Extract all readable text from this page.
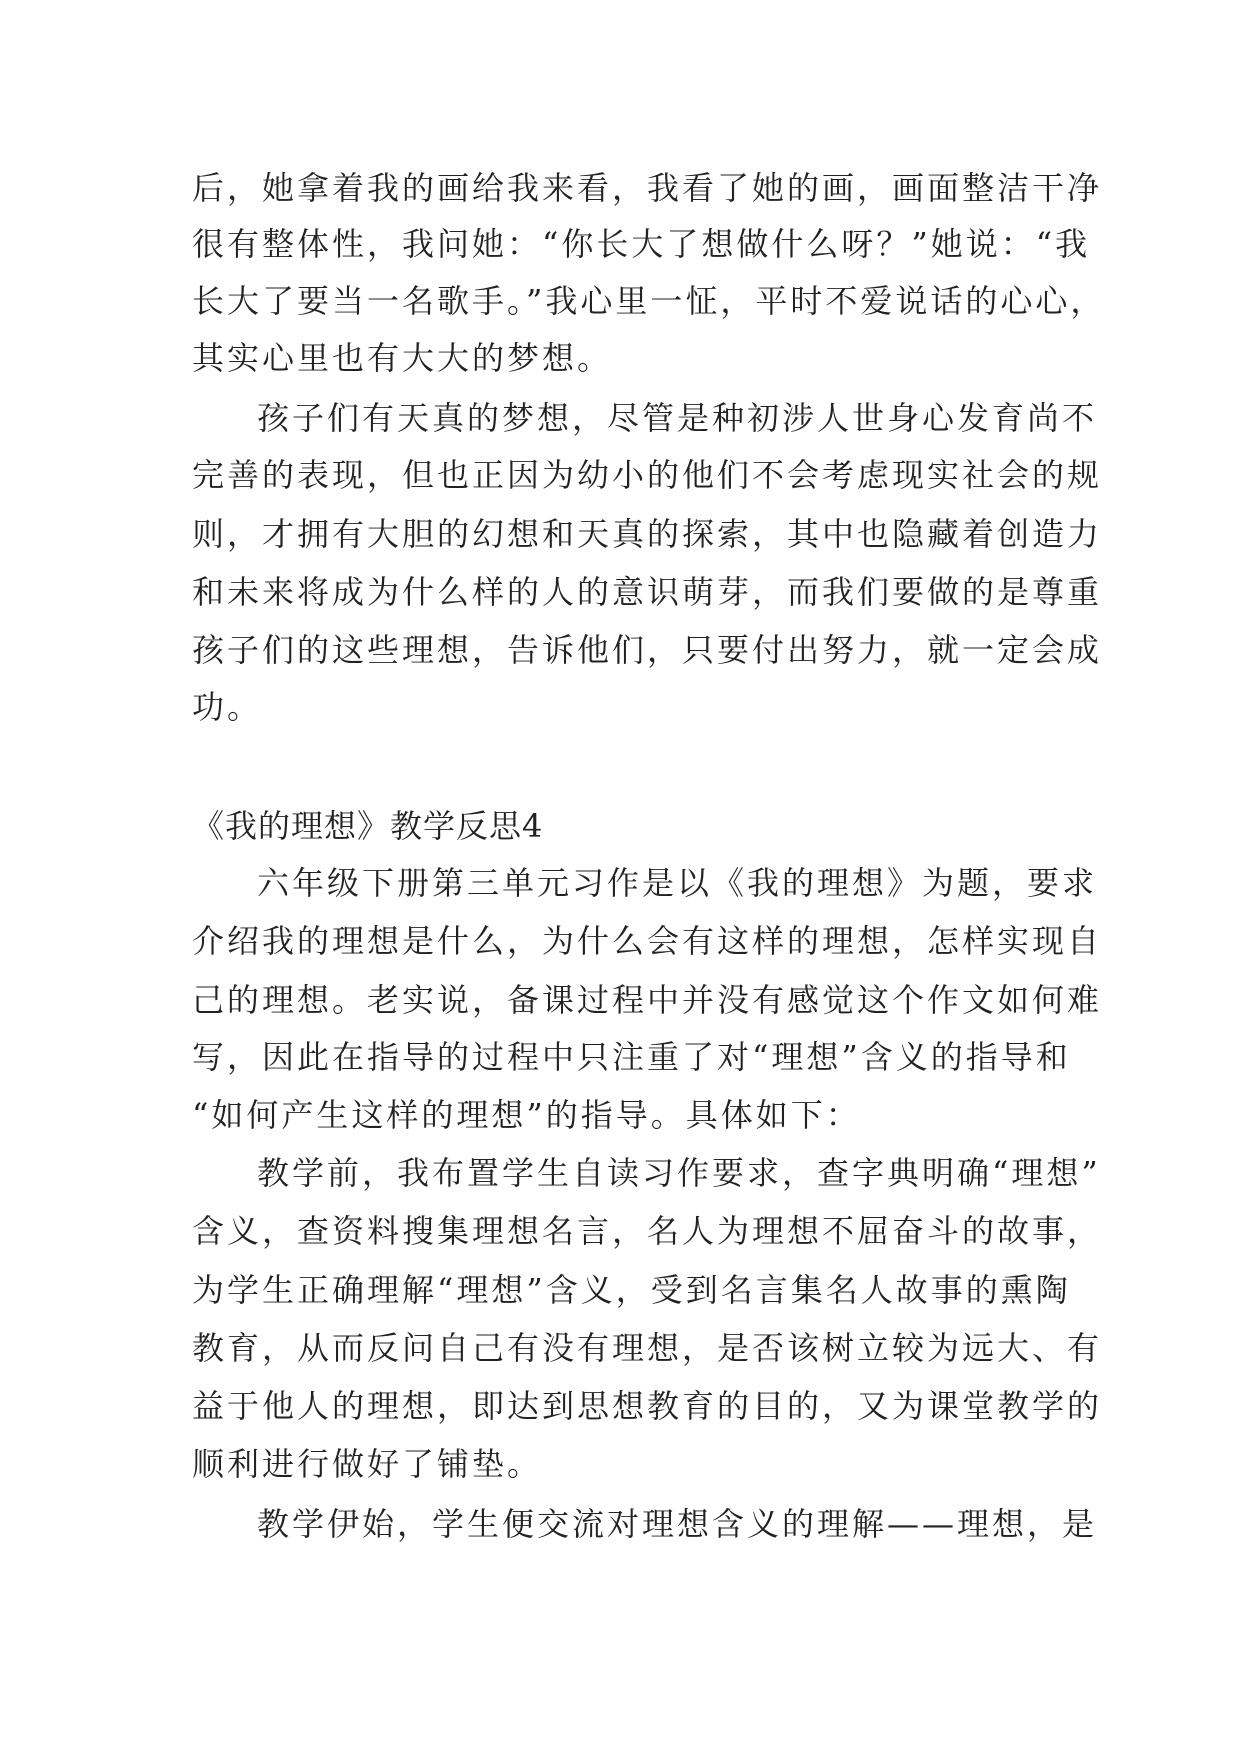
后，她拿着我的画给我来看，我看了她的画，画面整洁干净
很有整体性，我问她：“你长大了想做什么呀？”她说：“我
长大了要当一名歌手。”我心里一怔，平时不爱说话的心心，
其实心里也有大大的梦想。
孩子们有天真的梦想，尽管是种初涉人世身心发育尚不
完善的表现，但也正因为幼小的他们不会考虑现实社会的规
则，才拥有大胆的幻想和天真的探索，其中也隐藏着创造力
和未来将成为什么样的人的意识萌芽，而我们要做的是尊重
孩子们的这些理想，告诉他们，只要付出努力，就一定会成
功。
《我的理想》教学反思4
六年级下册第三单元习作是以《我的理想》为题，要求
介绍我的理想是什么，为什么会有这样的理想，怎样实现自
己的理想。老实说，备课过程中并没有感觉这个作文如何难
写，因此在指导的过程中只注重了对“理想”含义的指导和
“如何产生这样的理想”的指导。具体如下：
教学前，我布置学生自读习作要求，查字典明确“理想”
含义，查资料搜集理想名言，名人为理想不屈奋斗的故事，
为学生正确理解“理想”含义，受到名言集名人故事的熏陶
教育，从而反问自己有没有理想，是否该树立较为远大、有
益于他人的理想，即达到思想教育的目的，又为课堂教学的
顺利进行做好了铺垫。
教学伊始，学生便交流对理想含义的理解——理想，是
